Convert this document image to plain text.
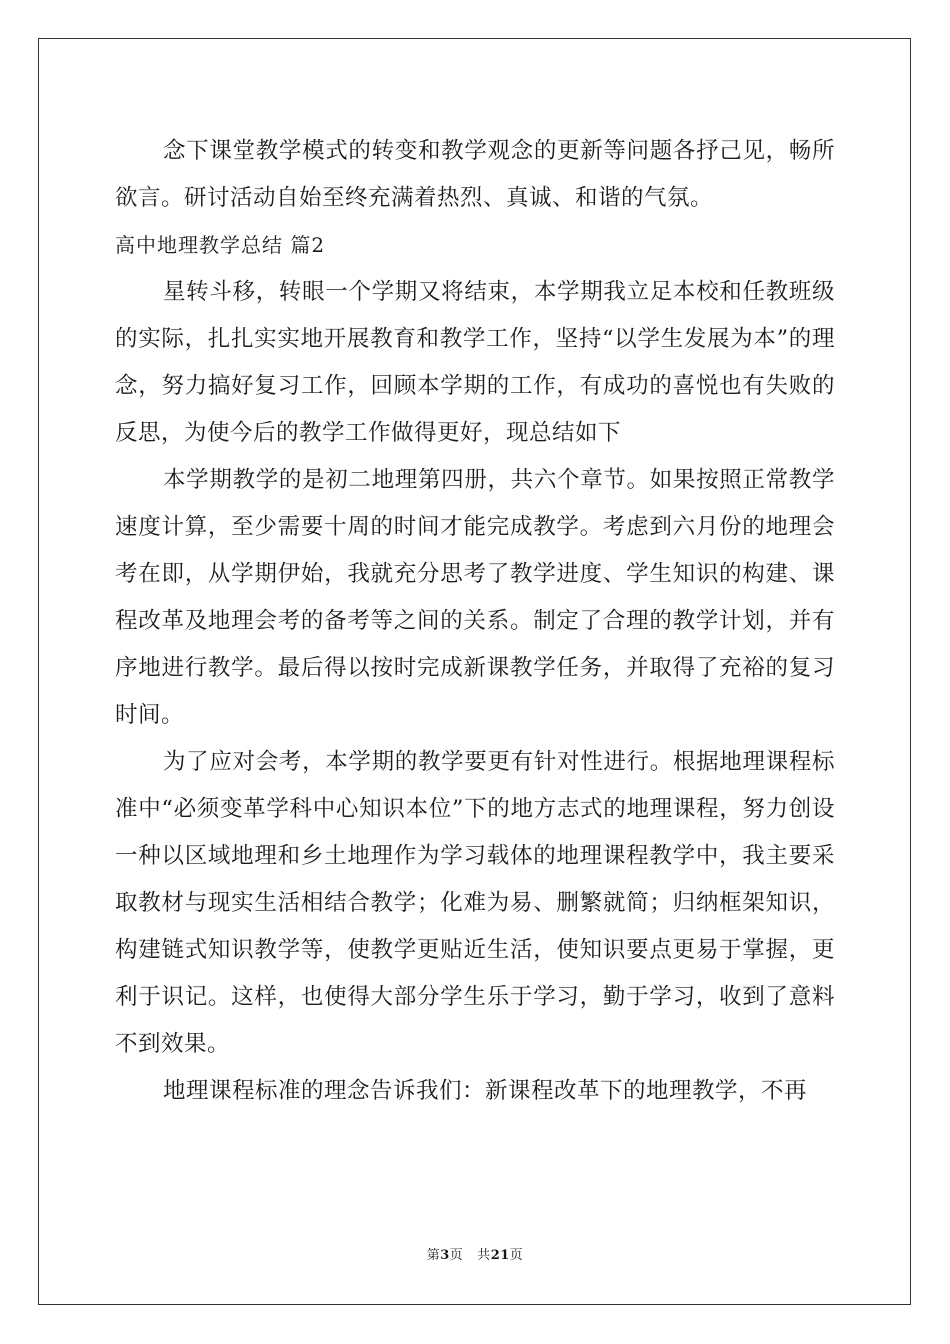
念下课堂教学模式的转变和教学观念的更新等问题各抒己见，畅所欲言。研讨活动自始至终充满着热烈、真诚、和谐的气氛。

高中地理教学总结 篇2

星转斗移，转眼一个学期又将结束，本学期我立足本校和任教班级的实际，扎扎实实地开展教育和教学工作，坚持“以学生发展为本”的理念，努力搞好复习工作，回顾本学期的工作，有成功的喜悦也有失败的反思，为使今后的教学工作做得更好，现总结如下

本学期教学的是初二地理第四册，共六个章节。如果按照正常教学速度计算，至少需要十周的时间才能完成教学。考虑到六月份的地理会考在即，从学期伊始，我就充分思考了教学进度、学生知识的构建、课程改革及地理会考的备考等之间的关系。制定了合理的教学计划，并有序地进行教学。最后得以按时完成新课教学任务，并取得了充裕的复习时间。

为了应对会考，本学期的教学要更有针对性进行。根据地理课程标准中“必须变革学科中心知识本位”下的地方志式的地理课程，努力创设一种以区域地理和乡土地理作为学习载体的地理课程教学中，我主要采取教材与现实生活相结合教学；化难为易、删繁就简；归纳框架知识，构建链式知识教学等，使教学更贴近生活，使知识要点更易于掌握，更利于识记。这样，也使得大部分学生乐于学习，勤于学习，收到了意料不到效果。

地理课程标准的理念告诉我们：新课程改革下的地理教学，不再

第3页 共21页
